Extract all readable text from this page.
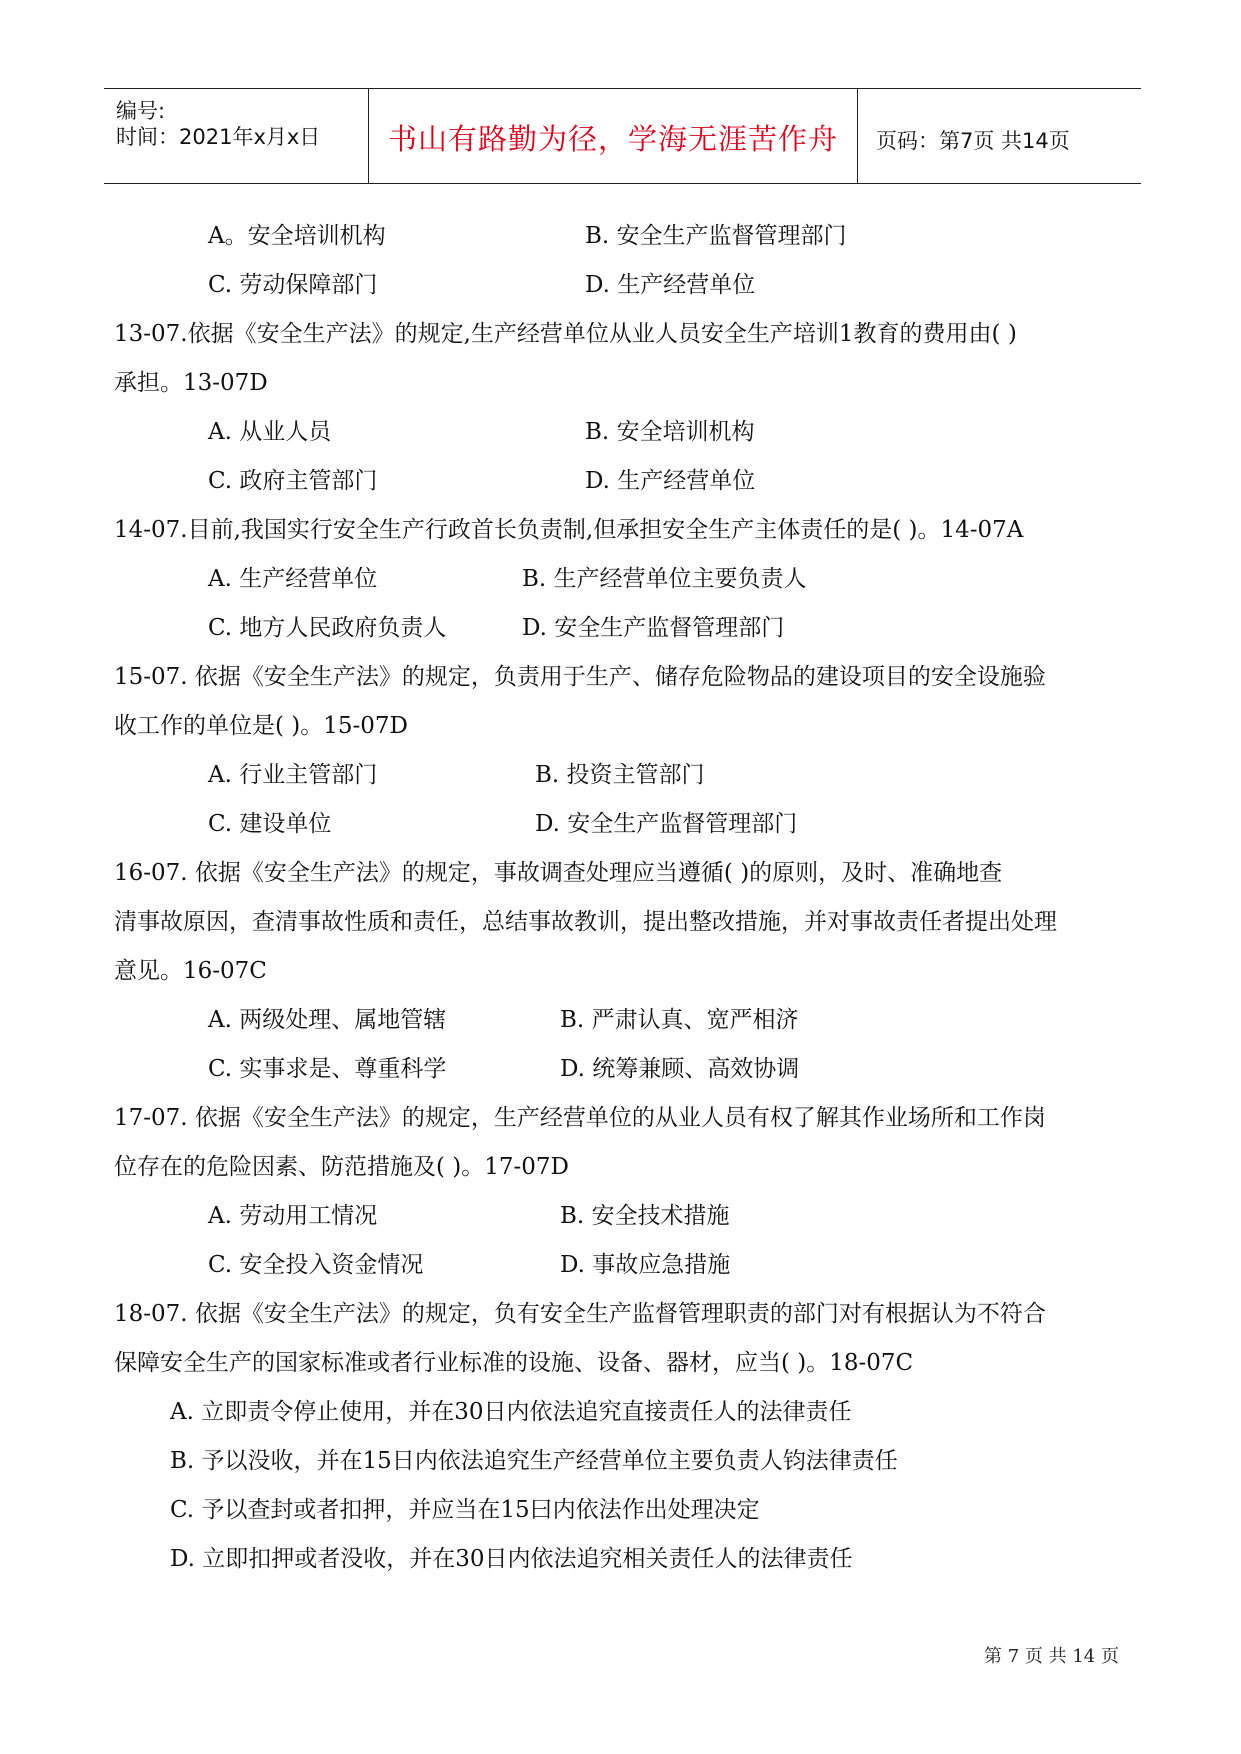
编号:
时间：2021年x月x日	书山有路勤为径，学海无涯苦作舟	页码：第7页 共14页
A。安全培训机构	B. 安全生产监督管理部门
C. 劳动保障部门	D. 生产经营单位
13-07.依据《安全生产法》的规定,生产经营单位从业人员安全生产培训1教育的费用由( )
承担。13-07D
A. 从业人员	B. 安全培训机构
C. 政府主管部门	D. 生产经营单位
14-07.目前,我国实行安全生产行政首长负责制,但承担安全生产主体责任的是( )。14-07A
A. 生产经营单位	B. 生产经营单位主要负责人
C. 地方人民政府负责人	D. 安全生产监督管理部门
15-07. 依据《安全生产法》的规定，负责用于生产、储存危险物品的建设项目的安全设施验
收工作的单位是( )。15-07D
A. 行业主管部门	B. 投资主管部门
C. 建设单位	D. 安全生产监督管理部门
16-07. 依据《安全生产法》的规定，事故调查处理应当遵循( )的原则，及时、准确地查
清事故原因，查清事故性质和责任，总结事故教训，提出整改措施，并对事故责任者提出处理
意见。16-07C
A. 两级处理、属地管辖	B. 严肃认真、宽严相济
C. 实事求是、尊重科学	D. 统筹兼顾、高效协调
17-07. 依据《安全生产法》的规定，生产经营单位的从业人员有权了解其作业场所和工作岗
位存在的危险因素、防范措施及( )。17-07D
A. 劳动用工情况	B. 安全技术措施
C. 安全投入资金情况	D. 事故应急措施
18-07. 依据《安全生产法》的规定，负有安全生产监督管理职责的部门对有根据认为不符合
保障安全生产的国家标准或者行业标准的设施、设备、器材，应当( )。18-07C
A. 立即责令停止使用，并在30日内依法追究直接责任人的法律责任
B. 予以没收，并在15日内依法追究生产经营单位主要负责人钧法律责任
C. 予以查封或者扣押，并应当在15曰内依法作出处理决定
D. 立即扣押或者没收，并在30日内依法追究相关责任人的法律责任
第 7 页 共 14 页
